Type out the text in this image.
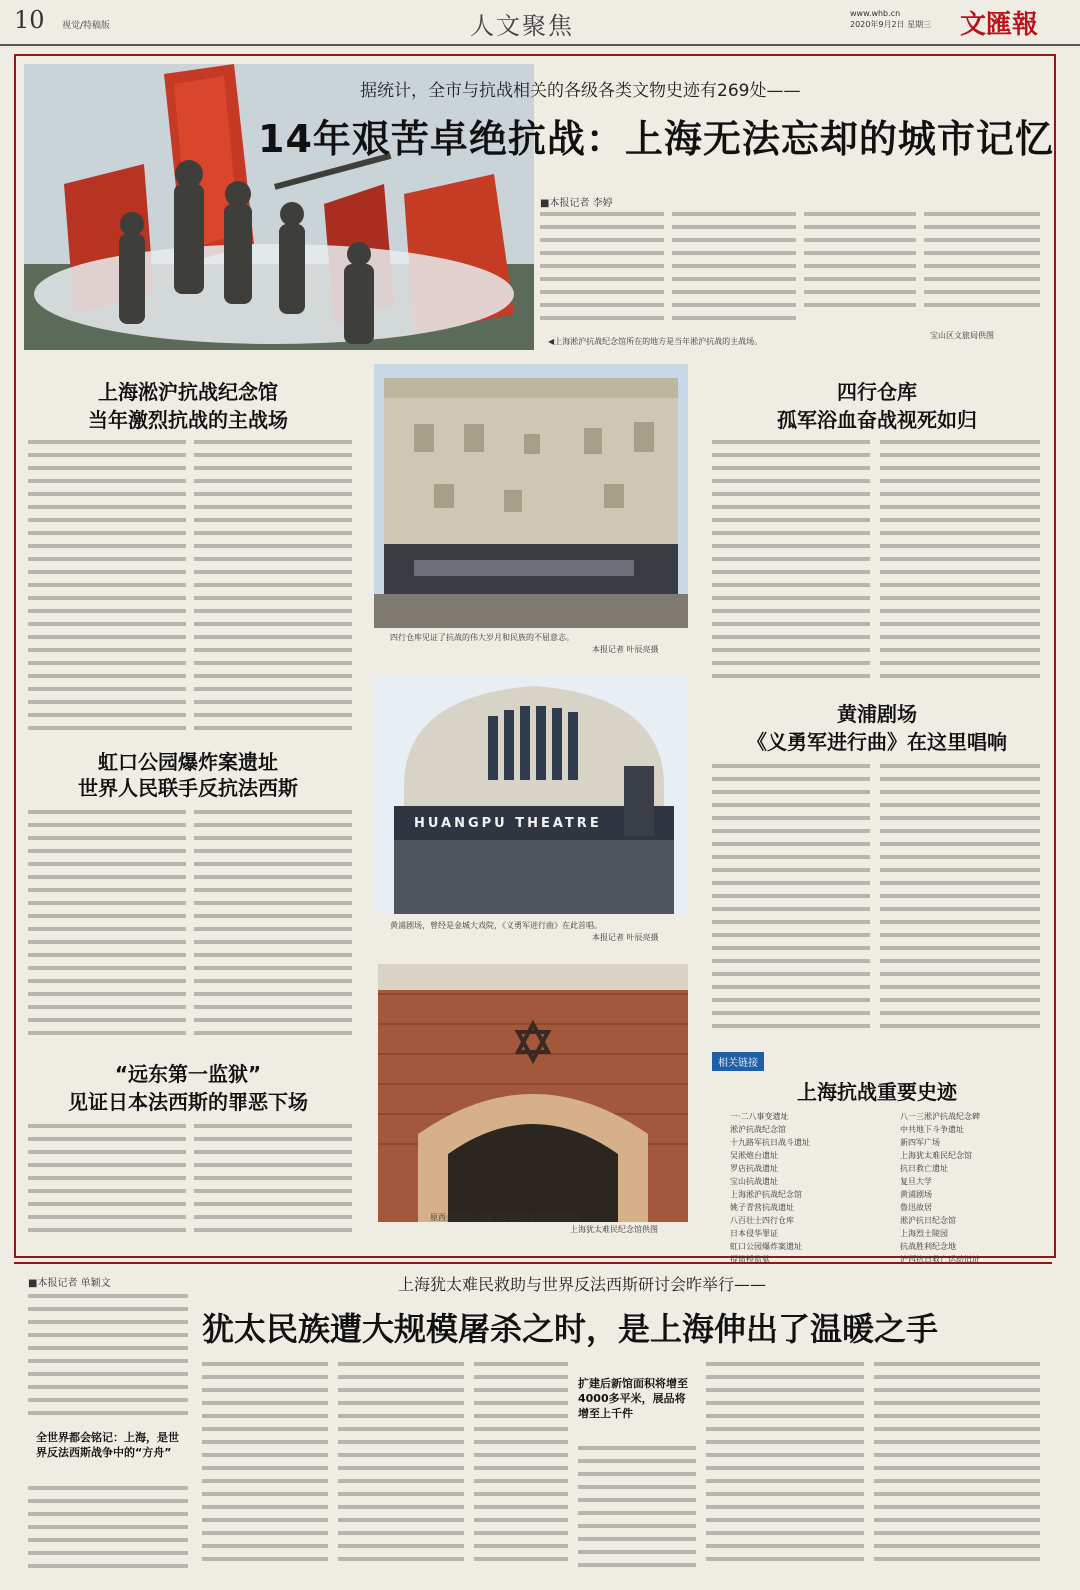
10 视觉/特稿版	人文聚焦	www.whb.cn
2020年9月2日 星期三 文匯報
据统计，全市与抗战相关的各级各类文物史迹有269处——
14年艰苦卓绝抗战：上海无法忘却的城市记忆
■本报记者 李婷
◀上海淞沪抗战纪念馆所在的地方是当年淞沪抗战的主战场。
宝山区文旅局供图
上海淞沪抗战纪念馆
当年激烈抗战的主战场
虹口公园爆炸案遗址
世界人民联手反抗法西斯
“远东第一监狱”
见证日本法西斯的罪恶下场
四行仓库见证了抗战的伟大岁月和民族的不屈意志。
本报记者 叶辰亮摄
HUANGPU THEATRE
黄浦剧场，曾经是金城大戏院，《义勇军进行曲》在此首唱。
本报记者 叶辰亮摄
原西会堂现已改建为1928年时的建筑风貌。
上海犹太难民纪念馆供图
四行仓库
孤军浴血奋战视死如归
黄浦剧场
《义勇军进行曲》在这里唱响
相关链接
上海抗战重要史迹
一·二八事变遗址
淞沪抗战纪念馆
十九路军抗日战斗遗址
吴淞炮台遗址
罗店抗战遗址
宝山抗战遗址
上海淞沪抗战纪念馆
姚子青营抗战遗址
八百壮士四行仓库
日本侵华罪证
虹口公园爆炸案遗址
提篮桥监狱
八一三淞沪抗战纪念碑
中共地下斗争遗址
新四军广场
上海犹太难民纪念馆
抗日救亡遗址
复旦大学
黄浦剧场
鲁迅故居
淞沪抗日纪念馆
上海烈士陵园
抗战胜利纪念地
沪西抗日救亡运动旧址
■本报记者 单颖文
全世界都会铭记：上海，是世界反法西斯战争中的“方舟”
上海犹太难民救助与世界反法西斯研讨会昨举行——
犹太民族遭大规模屠杀之时，是上海伸出了温暖之手
扩建后新馆面积将增至4000多平米，展品将增至上千件
